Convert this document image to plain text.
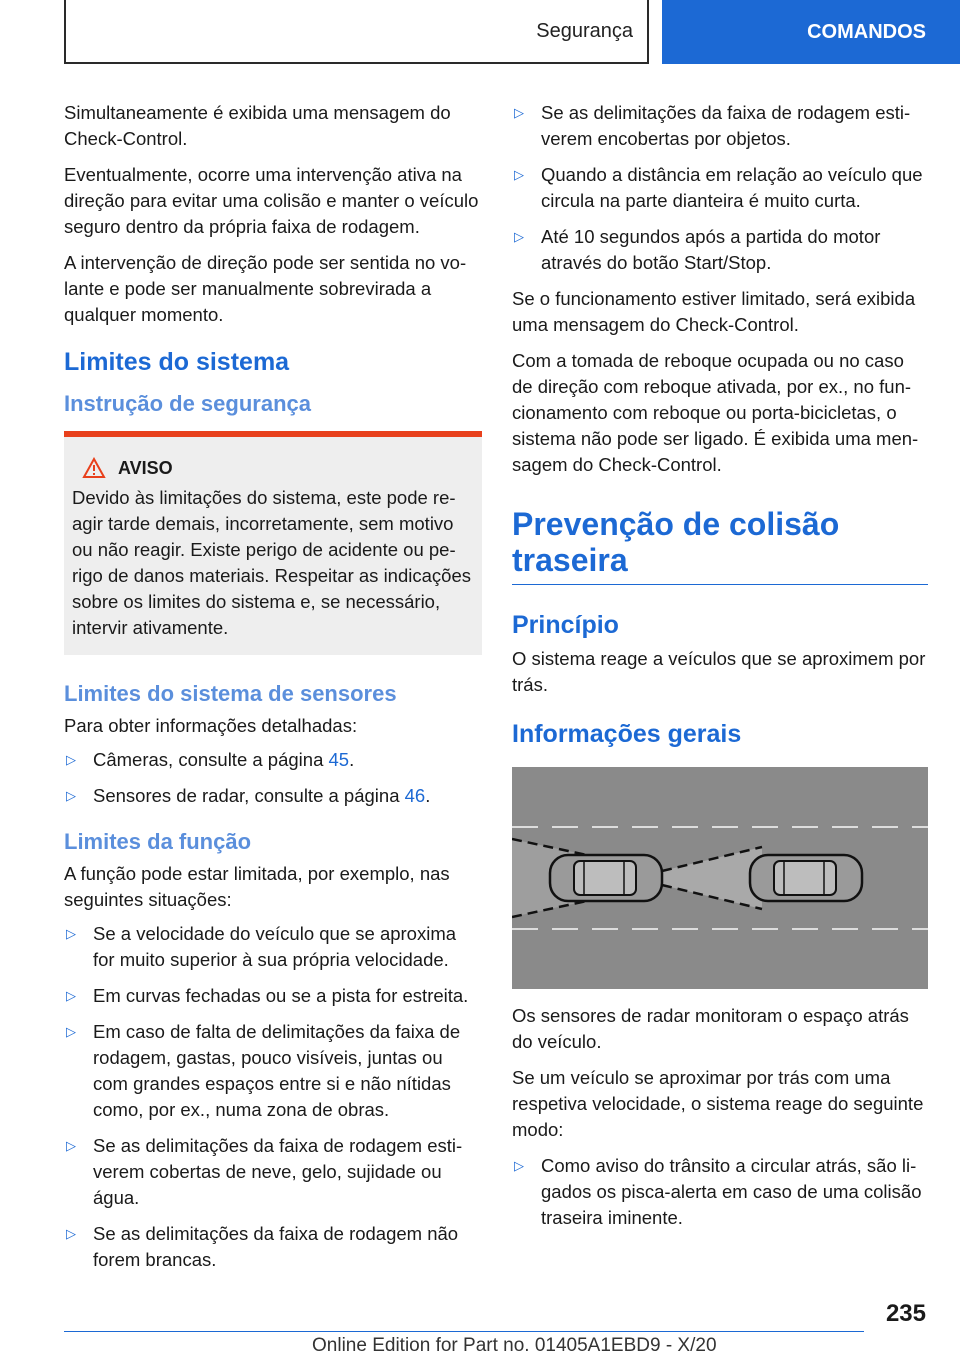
Segurança	COMANDOS

Simultaneamente é exibida uma mensagem do Check-Control.

Eventualmente, ocorre uma intervenção ativa na direção para evitar uma colisão e manter o veículo seguro dentro da própria faixa de rodagem.

A intervenção de direção pode ser sentida no volante e pode ser manualmente sobrevirada a qualquer momento.

Limites do sistema
Instrução de segurança
AVISO

Devido às limitações do sistema, este pode reagir tarde demais, incorretamente, sem motivo ou não reagir. Existe perigo de acidente ou perigo de danos materiais. Respeitar as indicações sobre os limites do sistema e, se necessário, intervir ativamente.

Limites do sistema de sensores

Para obter informações detalhadas:

▷ Câmeras, consulte a página 45.
▷ Sensores de radar, consulte a página 46.
Limites da função

A função pode estar limitada, por exemplo, nas seguintes situações:

▷ Se a velocidade do veículo que se aproxima for muito superior à sua própria velocidade.
▷ Em curvas fechadas ou se a pista for estreita.
▷ Em caso de falta de delimitações da faixa de rodagem, gastas, pouco visíveis, juntas ou com grandes espaços entre si e não nítidas como, por ex., numa zona de obras.
▷ Se as delimitações da faixa de rodagem estiverem cobertas de neve, gelo, sujidade ou água.
▷ Se as delimitações da faixa de rodagem não forem brancas.
▷ Se as delimitações da faixa de rodagem estiverem encobertas por objetos.
▷ Quando a distância em relação ao veículo que circula na parte dianteira é muito curta.
▷ Até 10 segundos após a partida do motor através do botão Start/Stop.

Se o funcionamento estiver limitado, será exibida uma mensagem do Check-Control.

Com a tomada de reboque ocupada ou no caso de direção com reboque ativada, por ex., no funcionamento com reboque ou porta-bicicletas, o sistema não pode ser ligado. É exibida uma mensagem do Check-Control.

Prevenção de colisão traseira
Princípio

O sistema reage a veículos que se aproximem por trás.

Informações gerais

Os sensores de radar monitoram o espaço atrás do veículo.

Se um veículo se aproximar por trás com uma respetiva velocidade, o sistema reage do seguinte modo:

▷ Como aviso do trânsito a circular atrás, são ligados os pisca-alerta em caso de uma colisão traseira iminente.
235
Online Edition for Part no. 01405A1EBD9 - X/20
